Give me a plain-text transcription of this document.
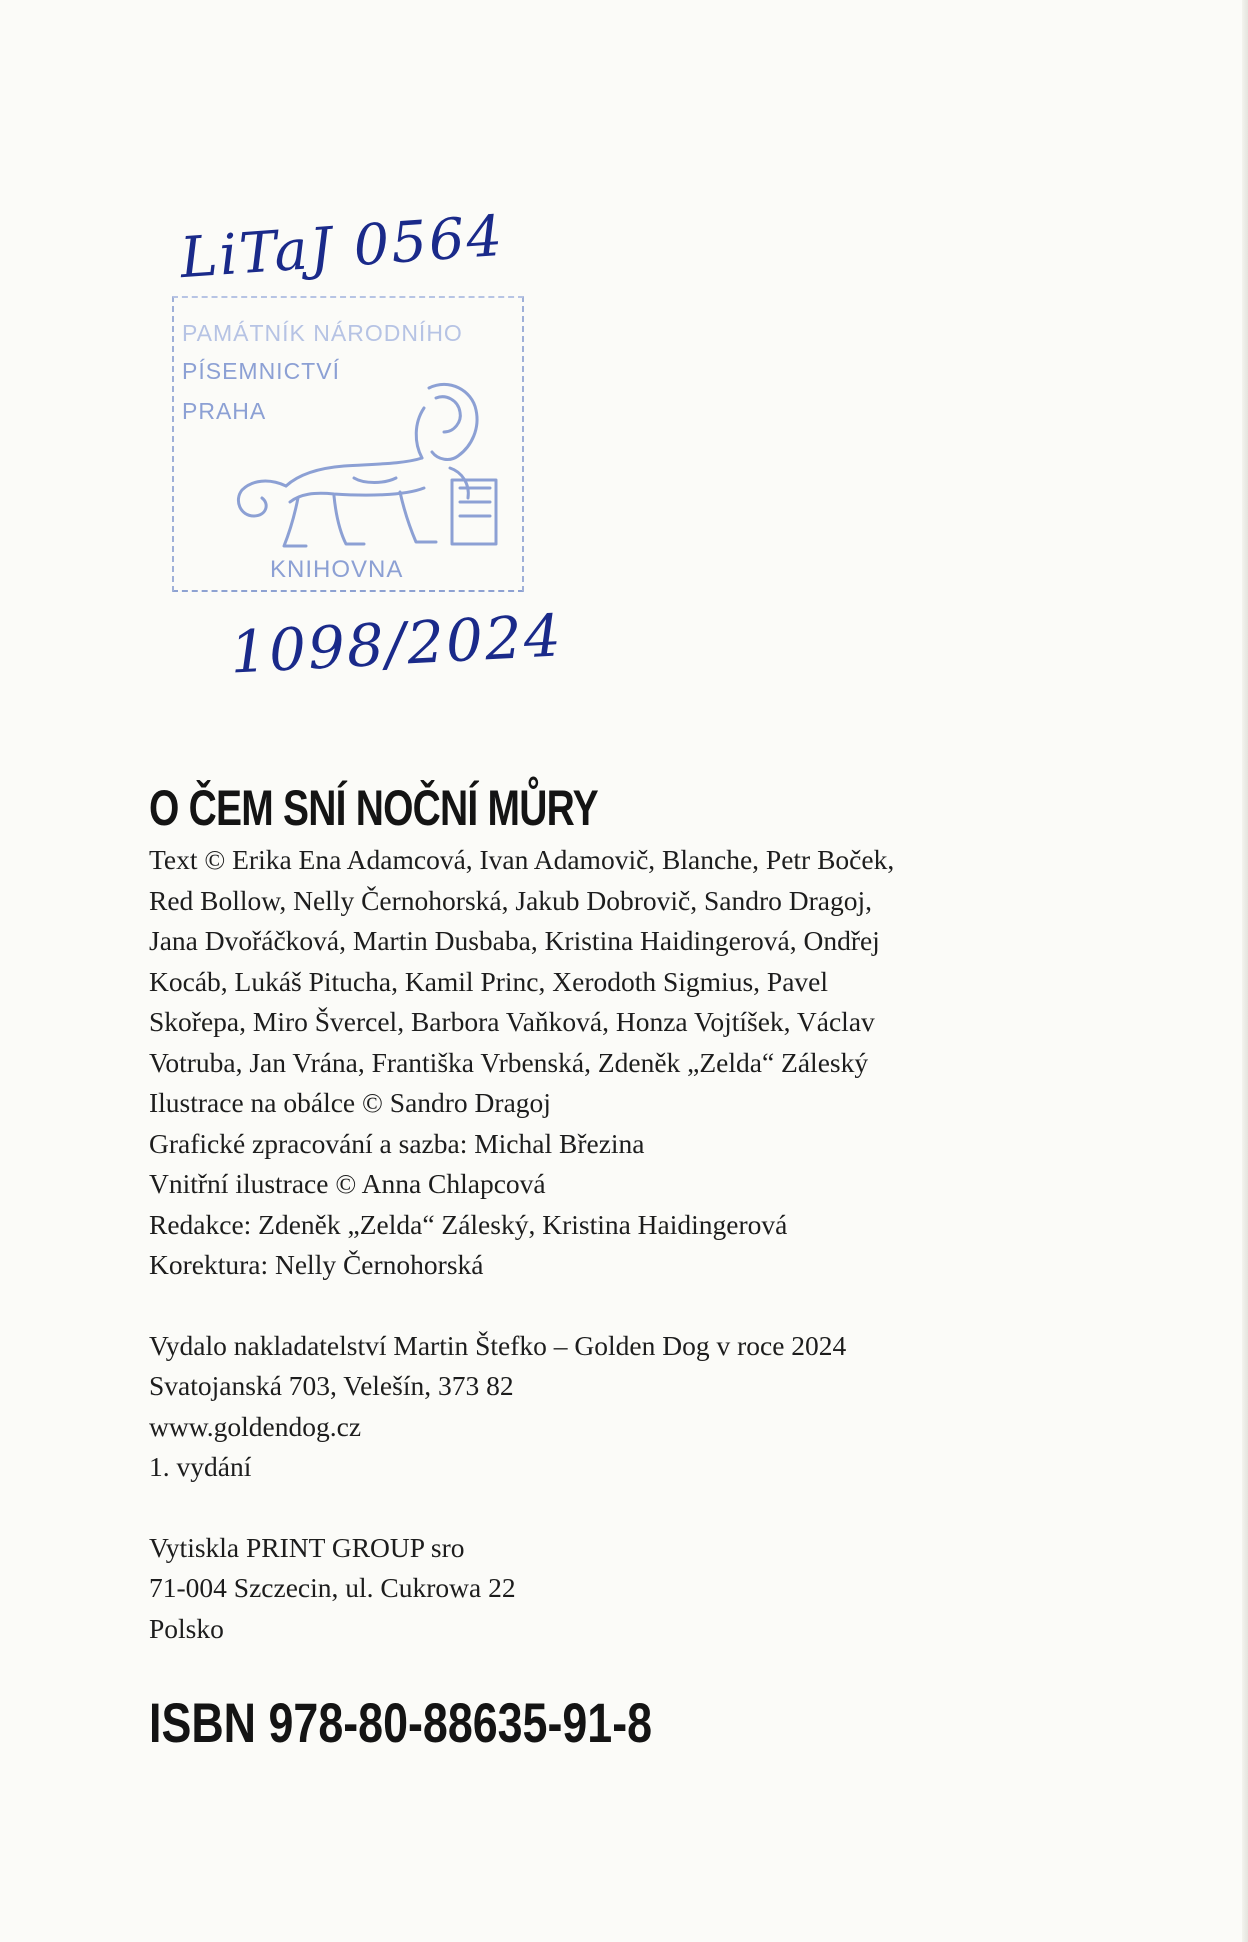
LiTaJ 0564
PAMÁTNÍK NÁRODNÍHO
PÍSEMNICTVÍ
PRAHA
KNIHOVNA
1098/2024
O ČEM SNÍ NOČNÍ MŮRY
Text © Erika Ena Adamcová, Ivan Adamovič, Blanche, Petr Boček,
Red Bollow, Nelly Černohorská, Jakub Dobrovič, Sandro Dragoj,
Jana Dvořáčková, Martin Dusbaba, Kristina Haidingerová, Ondřej
Kocáb, Lukáš Pitucha, Kamil Princ, Xerodoth Sigmius, Pavel
Skořepa, Miro Švercel, Barbora Vaňková, Honza Vojtíšek, Václav
Votruba, Jan Vrána, Františka Vrbenská, Zdeněk „Zelda“ Záleský
Ilustrace na obálce © Sandro Dragoj
Grafické zpracování a sazba: Michal Březina
Vnitřní ilustrace © Anna Chlapcová
Redakce: Zdeněk „Zelda“ Záleský, Kristina Haidingerová
Korektura: Nelly Černohorská
Vydalo nakladatelství Martin Štefko – Golden Dog v roce 2024
Svatojanská 703, Velešín, 373 82
www.goldendog.cz
1. vydání
Vytiskla PRINT GROUP sro
71-004 Szczecin, ul. Cukrowa 22
Polsko
ISBN 978-80-88635-91-8
